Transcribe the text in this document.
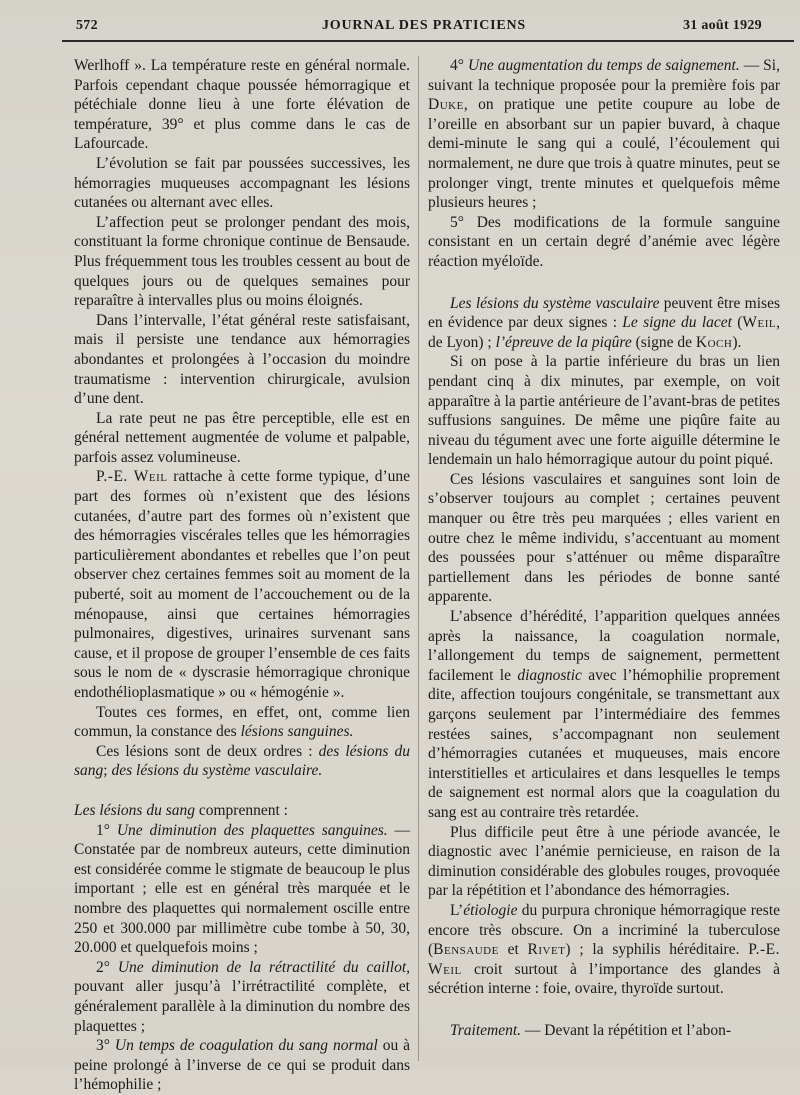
572	JOURNAL DES PRATICIENS	31 août 1929

Werlhoff ». La température reste en général normale. Parfois cependant chaque poussée hémorragique et pétéchiale donne lieu à une forte élévation de température, 39° et plus comme dans le cas de Lafourcade.

L’évolution se fait par poussées successives, les hémorragies muqueuses accompagnant les lésions cutanées ou alternant avec elles.

L’affection peut se prolonger pendant des mois, constituant la forme chronique continue de Bensaude. Plus fréquemment tous les troubles cessent au bout de quelques jours ou de quelques semaines pour reparaître à intervalles plus ou moins éloignés.

Dans l’intervalle, l’état général reste satisfaisant, mais il persiste une tendance aux hémorragies abondantes et prolongées à l’occasion du moindre traumatisme : intervention chirurgicale, avulsion d’une dent.

La rate peut ne pas être perceptible, elle est en général nettement augmentée de volume et palpable, parfois assez volumineuse.

P.-E. Weil rattache à cette forme typique, d’une part des formes où n’existent que des lésions cutanées, d’autre part des formes où n’existent que des hémorragies viscérales telles que les hémorragies particulièrement abondantes et rebelles que l’on peut observer chez certaines femmes soit au moment de la puberté, soit au moment de l’accouchement ou de la ménopause, ainsi que certaines hémorragies pulmonaires, digestives, urinaires survenant sans cause, et il propose de grouper l’ensemble de ces faits sous le nom de « dyscrasie hémorragique chronique endothélioplasmatique » ou « hémogénie ».

Toutes ces formes, en effet, ont, comme lien commun, la constance des lésions sanguines.

Ces lésions sont de deux ordres : des lésions du sang; des lésions du système vasculaire.

Les lésions du sang comprennent :

1° Une diminution des plaquettes sanguines. — Constatée par de nombreux auteurs, cette diminution est considérée comme le stigmate de beaucoup le plus important ; elle est en général très marquée et le nombre des plaquettes qui normalement oscille entre 250 et 300.000 par millimètre cube tombe à 50, 30, 20.000 et quelquefois moins ;

2° Une diminution de la rétractilité du caillot, pouvant aller jusqu’à l’irrétractilité complète, et généralement parallèle à la diminution du nombre des plaquettes ;

3° Un temps de coagulation du sang normal ou à peine prolongé à l’inverse de ce qui se produit dans l’hémophilie ;

4° Une augmentation du temps de saignement. — Si, suivant la technique proposée pour la première fois par Duke, on pratique une petite coupure au lobe de l’oreille en absorbant sur un papier buvard, à chaque demi-minute le sang qui a coulé, l’écoulement qui normalement, ne dure que trois à quatre minutes, peut se prolonger vingt, trente minutes et quelquefois même plusieurs heures ;

5° Des modifications de la formule sanguine consistant en un certain degré d’anémie avec légère réaction myéloïde.

Les lésions du système vasculaire peuvent être mises en évidence par deux signes : Le signe du lacet (Weil, de Lyon) ; l’épreuve de la piqûre (signe de Koch).

Si on pose à la partie inférieure du bras un lien pendant cinq à dix minutes, par exemple, on voit apparaître à la partie antérieure de l’avant-bras de petites suffusions sanguines. De même une piqûre faite au niveau du tégument avec une forte aiguille détermine le lendemain un halo hémorragique autour du point piqué.

Ces lésions vasculaires et sanguines sont loin de s’observer toujours au complet ; certaines peuvent manquer ou être très peu marquées ; elles varient en outre chez le même individu, s’accentuant au moment des poussées pour s’atténuer ou même disparaître partiellement dans les périodes de bonne santé apparente.

L’absence d’hérédité, l’apparition quelques années après la naissance, la coagulation normale, l’allongement du temps de saignement, permettent facilement le diagnostic avec l’hémophilie proprement dite, affection toujours congénitale, se transmettant aux garçons seulement par l’intermédiaire des femmes restées saines, s’accompagnant non seulement d’hémorragies cutanées et muqueuses, mais encore interstitielles et articulaires et dans lesquelles le temps de saignement est normal alors que la coagulation du sang est au contraire très retardée.

Plus difficile peut être à une période avancée, le diagnostic avec l’anémie pernicieuse, en raison de la diminution considérable des globules rouges, provoquée par la répétition et l’abondance des hémorragies.

L’étiologie du purpura chronique hémorragique reste encore très obscure. On a incriminé la tuberculose (Bensaude et Rivet) ; la syphilis héréditaire. P.-E. Weil croit surtout à l’importance des glandes à sécrétion interne : foie, ovaire, thyroïde surtout.

Traitement. — Devant la répétition et l’abon-
